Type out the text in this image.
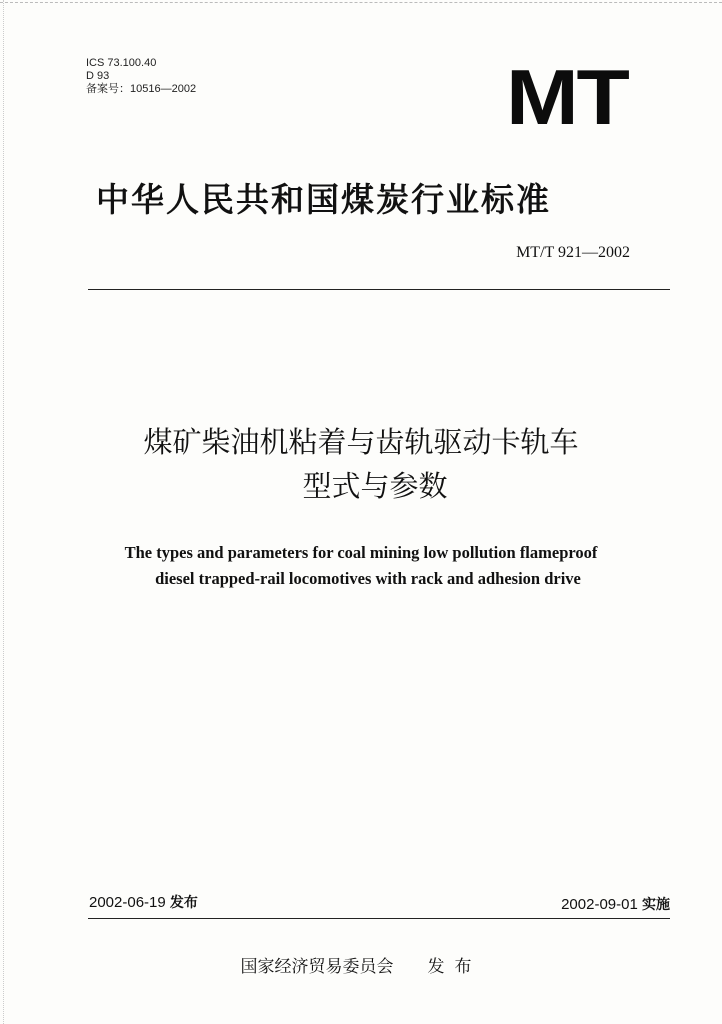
ICS 73.100.40
D 93
备案号：10516—2002	MT
中华人民共和国煤炭行业标准
MT/T 921—2002
煤矿柴油机粘着与齿轨驱动卡轨车
型式与参数
The types and parameters for coal mining low pollution flameproof
diesel trapped-rail locomotives with rack and adhesion drive
2002-06-19 发布	2002-09-01 实施
国家经济贸易委员会 发布
